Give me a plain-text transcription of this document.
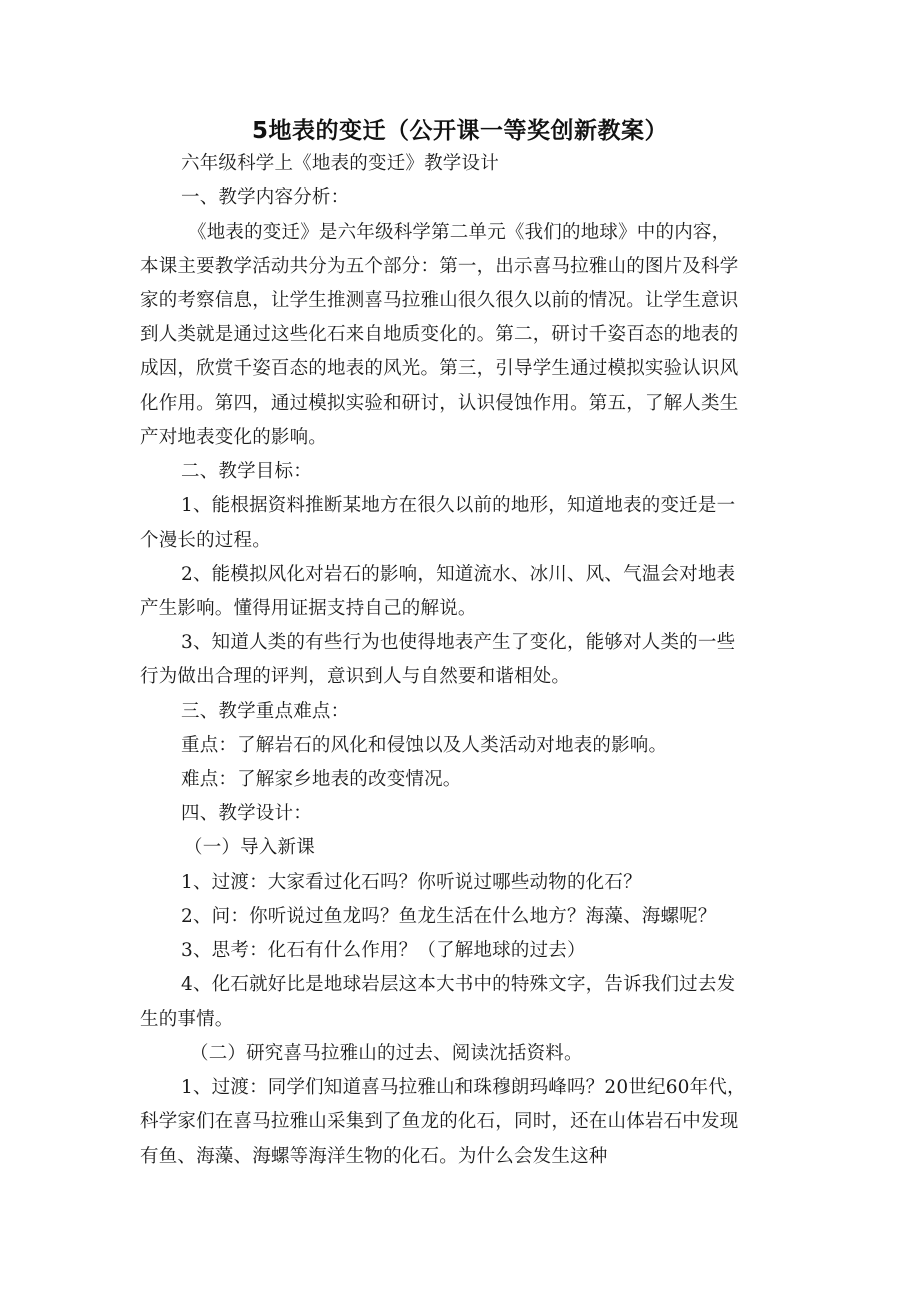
5地表的变迁（公开课一等奖创新教案）
六年级科学上《地表的变迁》教学设计
一、教学内容分析：
《地表的变迁》是六年级科学第二单元《我们的地球》中的内容，
本课主要教学活动共分为五个部分：第一，出示喜马拉雅山的图片及科学
家的考察信息，让学生推测喜马拉雅山很久很久以前的情况。让学生意识
到人类就是通过这些化石来自地质变化的。第二，研讨千姿百态的地表的
成因，欣赏千姿百态的地表的风光。第三，引导学生通过模拟实验认识风
化作用。第四，通过模拟实验和研讨，认识侵蚀作用。第五，了解人类生
产对地表变化的影响。
二、教学目标：
1、能根据资料推断某地方在很久以前的地形，知道地表的变迁是一
个漫长的过程。
2、能模拟风化对岩石的影响，知道流水、冰川、风、气温会对地表
产生影响。懂得用证据支持自己的解说。
3、知道人类的有些行为也使得地表产生了变化，能够对人类的一些
行为做出合理的评判，意识到人与自然要和谐相处。
三、教学重点难点：
重点：了解岩石的风化和侵蚀以及人类活动对地表的影响。
难点：了解家乡地表的改变情况。
四、教学设计：
（一）导入新课
1、过渡：大家看过化石吗？你听说过哪些动物的化石？
2、问：你听说过鱼龙吗？鱼龙生活在什么地方？海藻、海螺呢？
3、思考：化石有什么作用？（了解地球的过去）
4、化石就好比是地球岩层这本大书中的特殊文字，告诉我们过去发
生的事情。
（二）研究喜马拉雅山的过去、阅读沈括资料。
1、过渡：同学们知道喜马拉雅山和珠穆朗玛峰吗？20世纪60年代，
科学家们在喜马拉雅山采集到了鱼龙的化石，同时，还在山体岩石中发现
有鱼、海藻、海螺等海洋生物的化石。为什么会发生这种
